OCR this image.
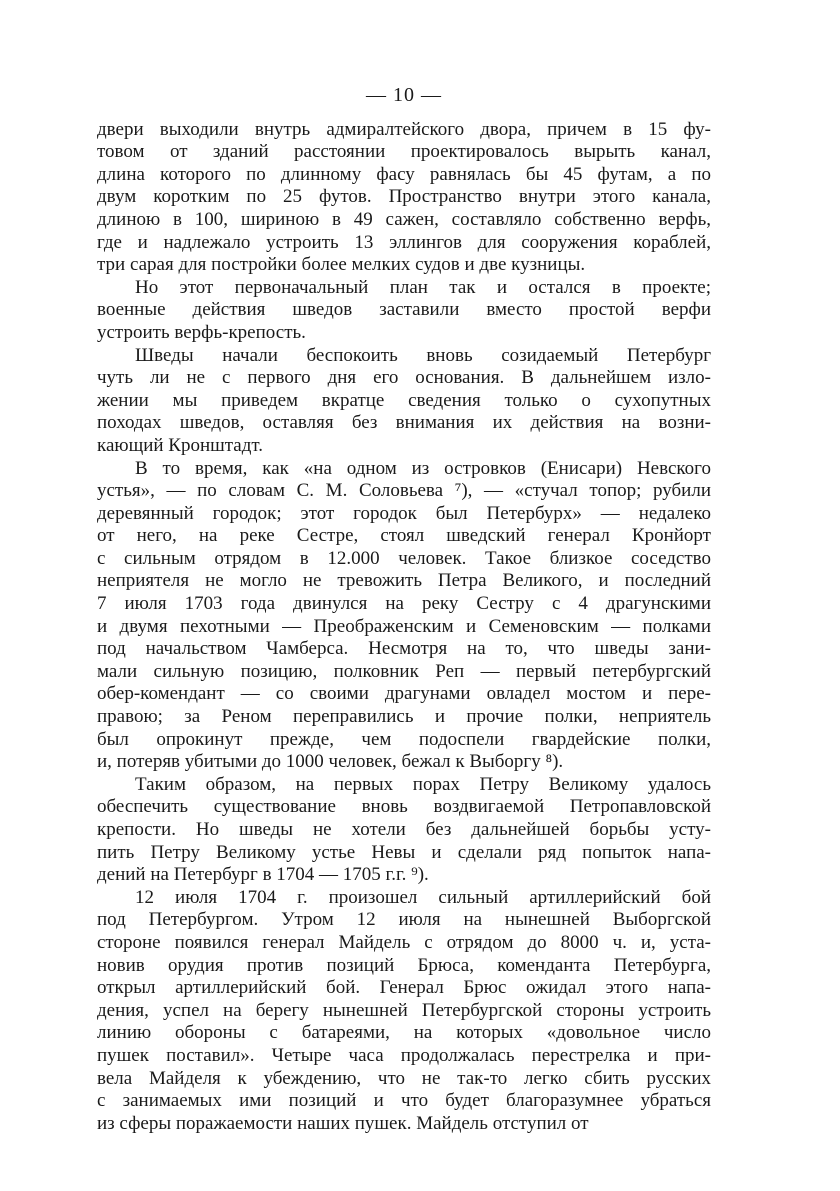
— 10 —
двери выходили внутрь адмиралтейского двора, причем в 15 фу-
товом от зданий расстоянии проектировалось вырыть канал,
длина которого по длинному фасу равнялась бы 45 футам, а по
двум коротким по 25 футов. Пространство внутри этого канала,
длиною в 100, шириною в 49 сажен, составляло собственно верфь,
где и надлежало устроить 13 эллингов для сооружения кораблей,
три сарая для постройки более мелких судов и две кузницы.
Но этот первоначальный план так и остался в проекте;
военные действия шведов заставили вместо простой верфи
устроить верфь-крепость.
Шведы начали беспокоить вновь созидаемый Петербург
чуть ли не с первого дня его основания. В дальнейшем изло-
жении мы приведем вкратце сведения только о сухопутных
походах шведов, оставляя без внимания их действия на возни-
кающий Кронштадт.
В то время, как «на одном из островков (Енисари) Невского
устья», — по словам С. М. Соловьева ⁷), — «стучал топор; рубили
деревянный городок; этот городок был Петербурх» — недалеко
от него, на реке Сестре, стоял шведский генерал Кронйорт
с сильным отрядом в 12.000 человек. Такое близкое соседство
неприятеля не могло не тревожить Петра Великого, и последний
7 июля 1703 года двинулся на реку Сестру с 4 драгунскими
и двумя пехотными — Преображенским и Семеновским — полками
под начальством Чамберса. Несмотря на то, что шведы зани-
мали сильную позицию, полковник Реп — первый петербургский
обер-комендант — со своими драгунами овладел мостом и пере-
правою; за Реном переправились и прочие полки, неприятель
был опрокинут прежде, чем подоспели гвардейские полки,
и, потеряв убитыми до 1000 человек, бежал к Выборгу ⁸).
Таким образом, на первых порах Петру Великому удалось
обеспечить существование вновь воздвигаемой Петропавловской
крепости. Но шведы не хотели без дальнейшей борьбы усту-
пить Петру Великому устье Невы и сделали ряд попыток напа-
дений на Петербург в 1704 — 1705 г.г. ⁹).
12 июля 1704 г. произошел сильный артиллерийский бой
под Петербургом. Утром 12 июля на нынешней Выборгской
стороне появился генерал Майдель с отрядом до 8000 ч. и, уста-
новив орудия против позиций Брюса, коменданта Петербурга,
открыл артиллерийский бой. Генерал Брюс ожидал этого напа-
дения, успел на берегу нынешней Петербургской стороны устроить
линию обороны с батареями, на которых «довольное число
пушек поставил». Четыре часа продолжалась перестрелка и при-
вела Майделя к убеждению, что не так-то легко сбить русских
с занимаемых ими позиций и что будет благоразумнее убраться
из сферы поражаемости наших пушек. Майдель отступил от
